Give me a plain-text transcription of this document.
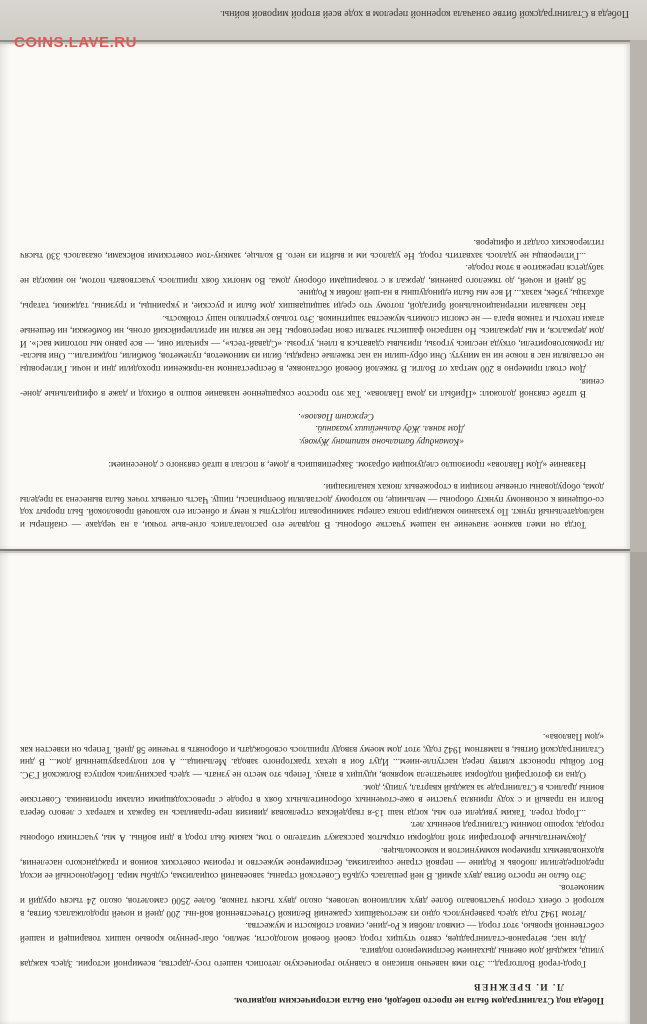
Победа в Сталинградской битве означала коренной перелом в ходе всей второй мировой войны.
COINS.LAVE.RU

Тогда он имел важное значение на нашем участке обороны. В подвале его располагались огне-вые точки, а на чердаке — снайперы и наблюдательный пункт. По указанию командира полка саперы заминировали подступы к нему и обнесли его колючей проволокой. Был прорыт ход со-общения к основному пункту обороны — мельнице, по которому доставляли боеприпасы, пищу. Часть огневых точек была вынесена за пределы дома, оборудованы огневые позиции в сторожевых люках канализации.

Название «Дом Павлова» произошло следующим образом. Закрепившись в доме, я послал в штаб связного с донесением:

«Командиру батальона капитану Жукову.
Дом занял. Жду дальнейших указаний.
Сержант Павлов».

В штабе связной доложил: «Прибыл из дома Павлова». Так это простое сокращенное название вошло в обиход и даже в официальные доне-сения.

Дом стоял примерно в 200 метрах от Волги. В тяжелой боевой обстановке, в беспрестанном на-пряжении проходили дни и ночи. Гитлеровцы не оставляли нас в покое ни на минуту. Они обру-шили на нас тяжелые снаряды, били из минометов, пулеметов, бомбили, поджигали... Они высла-ли громкоговорители, откуда неслись угрозы, призывы сдаваться в плен, угрозы. «Сдавай-тесь», — кричали они, — все равно мы потопим вас!». И дом держался, и мы держались. Но напрасно фашисты затеяли свои переговоры. Нас не взяли ни артиллерийский огонь, ни бомбежки, ни бешеные атаки пехоты и танков врага — не смогли сломить мужества защитников. Это только укрепляло нашу стойкость.

Нас называли интернациональной бригадой, потому что среди защищавших дом были и русские, и украинцы, и грузины, таджики, татары, абхазцы, узбек, казах... И все мы были единодушны в на-шей любви к Родине.

58 дней и ночей, до тяжелого ранения, держал я с товарищами оборону дома. Во многих боях пришлось участвовать потом, но никогда не забудется пережитое в этом городе.

...Гитлеровцы не удалось захватить город. Не удалось им и выйти из него. В кольце, замкну-том советскими войсками, оказалось 330 тысяч гитлеровских солдат и офицеров.

Победа под Сталинградом была не просто победой, она была историческим подвигом.
Л. И. БРЕЖНЕВ

Город-герой Волгоград... Это имя навечно вписано в славную героическую летопись нашего госу-дарства, всемирной истории. Здесь каждая улица, каждый дом овеяны дыханием беспримерного подвига.

Для нас, ветеранов-сталинградцев, свято чтущих город своей боевой молодости, землю, обаг-ренную кровью наших товарищей и нашей собственной кровью, этот город — символ любви к Ро-дине, символ стойкости и мужества.

Летом 1942 года здесь развернулось одно из жесточайших сражений Великой Отечественной вой-ны. 200 дней и ночей продолжалась битва, в которой с обеих сторон участвовало более двух миллионов человек, около двух тысяч танков, более 2500 самолетов, около 24 тысяч орудий и минометов.

Это было не просто битва двух армий. В ней решалась судьба Советской страны, завоеваний социализма, судьбы мира. Победоносный ее исход предопределили любовь к Родине — первой стране социализма, беспримерное мужество и героизм советских воинов и гражданского населения, вдохновляемых примером коммунистов и комсомольцев.

Документальные фотографии этой подборки открыток расскажут читателю о том, каким был город в дни войны. А мы, участники обороны города, хорошо помним Сталинград военных лет.

...Город горел. Таким увидели его мы, когда наш 13-я гвардейская стрелковая дивизия пере-правилась на баржах и катерах с левого берега Волги на правый и с ходу приняла участие в оже-сточенных оборонительных боях в городе с превосходящими силами противника. Советские воины дрались в Сталинграде за каждый квартал, улицу, дом.

Одна из фотографий подборки запечатлела моряков, идущих в атаку. Теперь это место не узнать — здесь раскинулись корпуса Волжской ГЭС. Вот бойцы проносят клятву перед наступле-нием... Идут бои в цехах тракторного завода. Мельница... А вот полуразрушенный дом... В дни Сталинградской битвы, в памятном 1942 году, этот дом моему взводу пришлось освобождать и оборонять в течение 58 дней. Теперь он известен как «дом Павлова».
